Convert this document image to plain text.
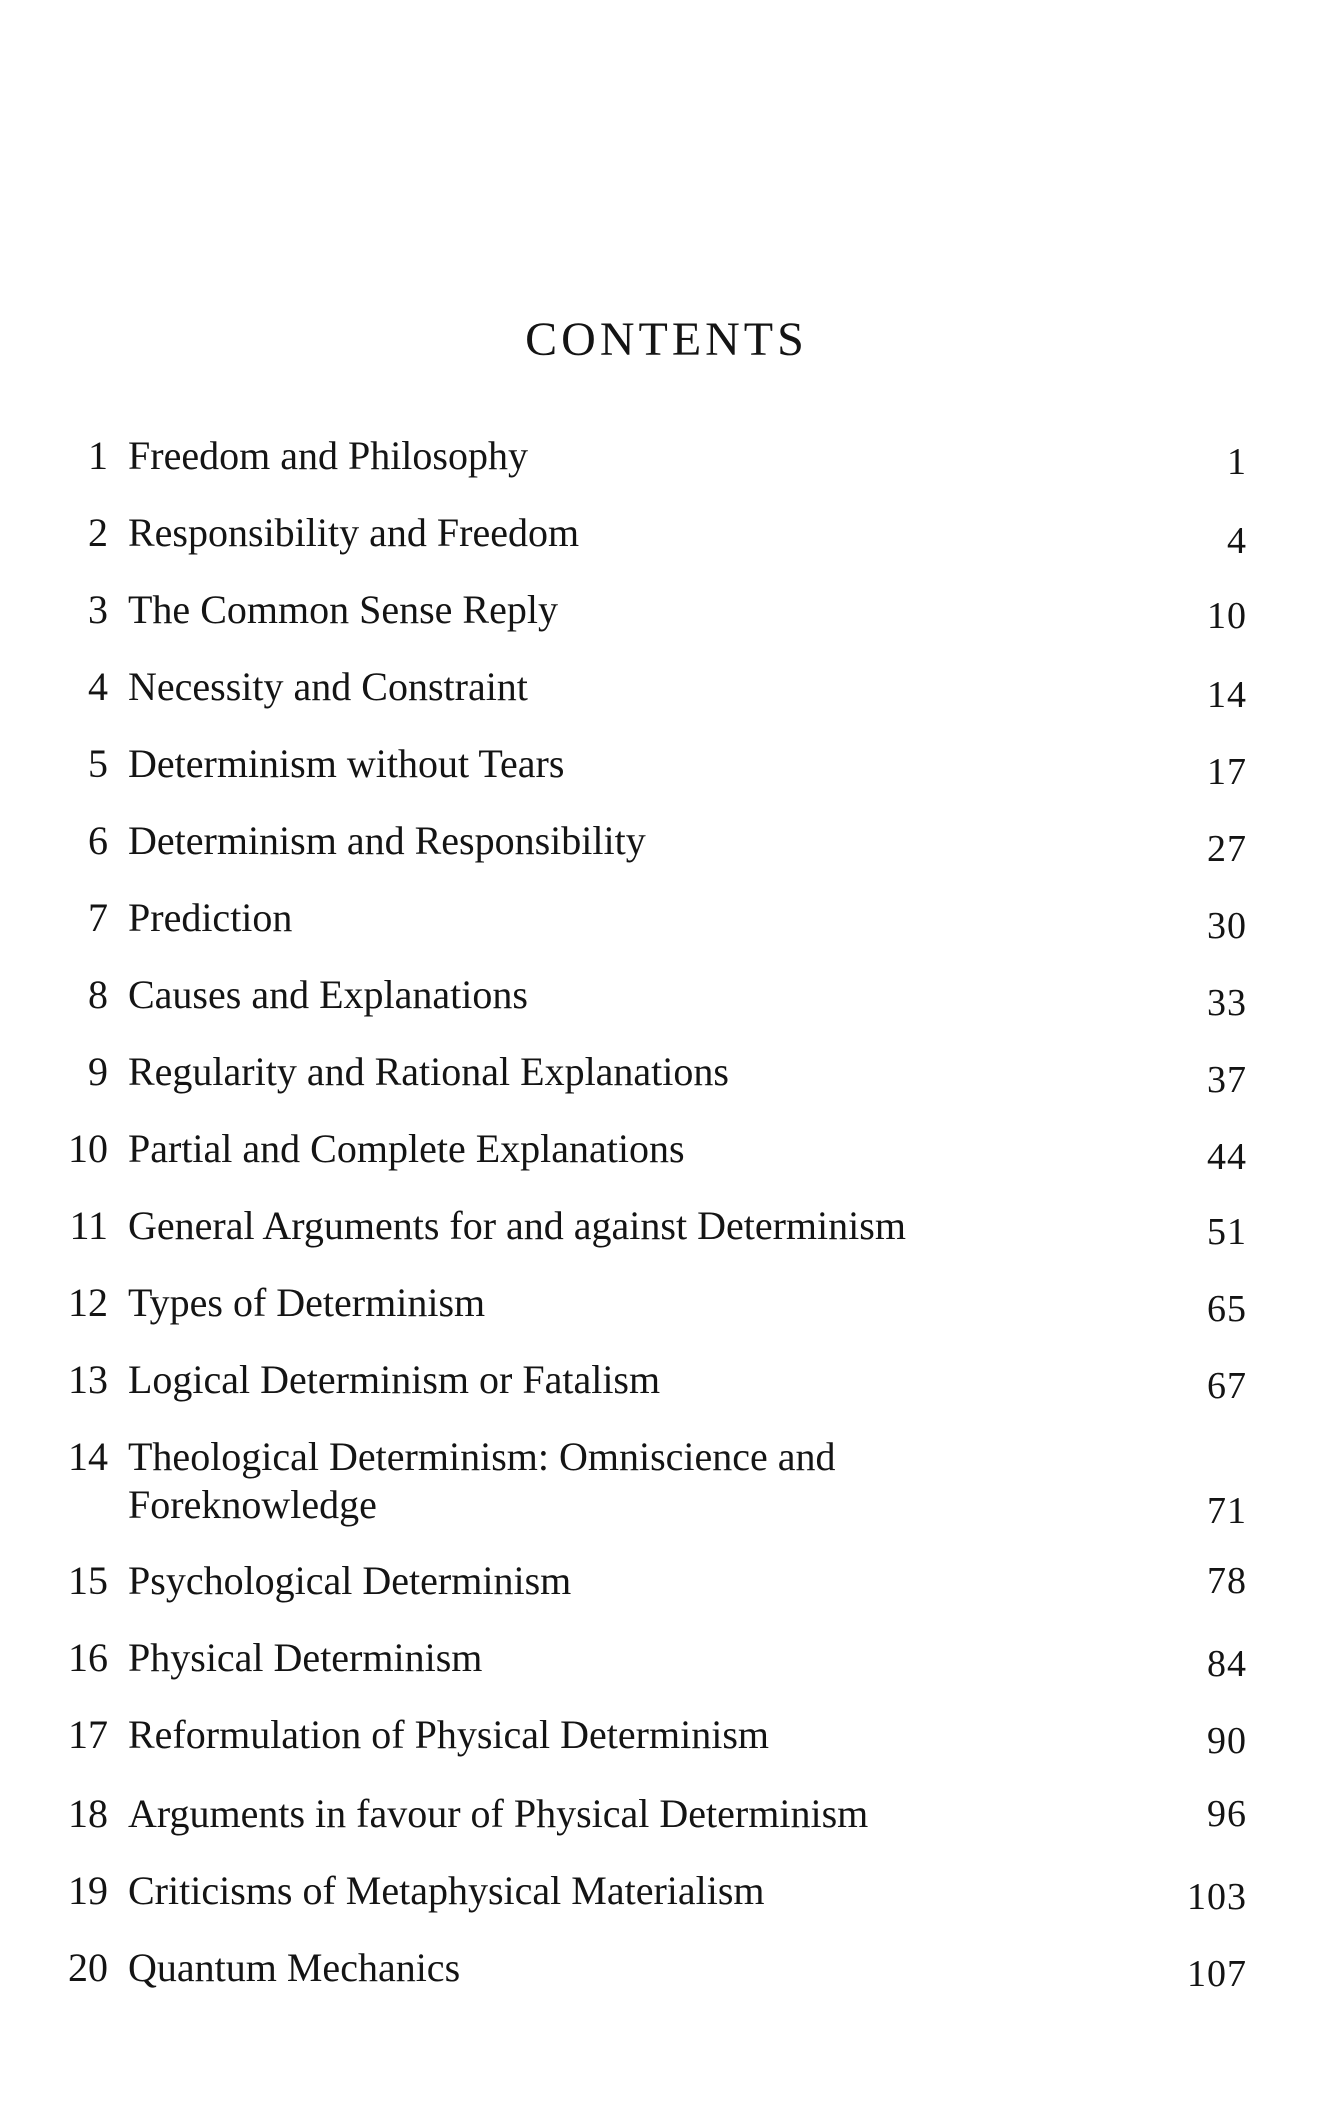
CONTENTS
1 Freedom and Philosophy	1
2 Responsibility and Freedom	4
3 The Common Sense Reply	10
4 Necessity and Constraint	14
5 Determinism without Tears	17
6 Determinism and Responsibility	27
7 Prediction	30
8 Causes and Explanations	33
9 Regularity and Rational Explanations	37
10 Partial and Complete Explanations	44
11 General Arguments for and against Determinism	51
12 Types of Determinism	65
13 Logical Determinism or Fatalism	67
14 Theological Determinism: Omniscience and
Foreknowledge	71
15 Psychological Determinism	78
16 Physical Determinism	84
17 Reformulation of Physical Determinism	90
18 Arguments in favour of Physical Determinism	96
19 Criticisms of Metaphysical Materialism	103
20 Quantum Mechanics	107
